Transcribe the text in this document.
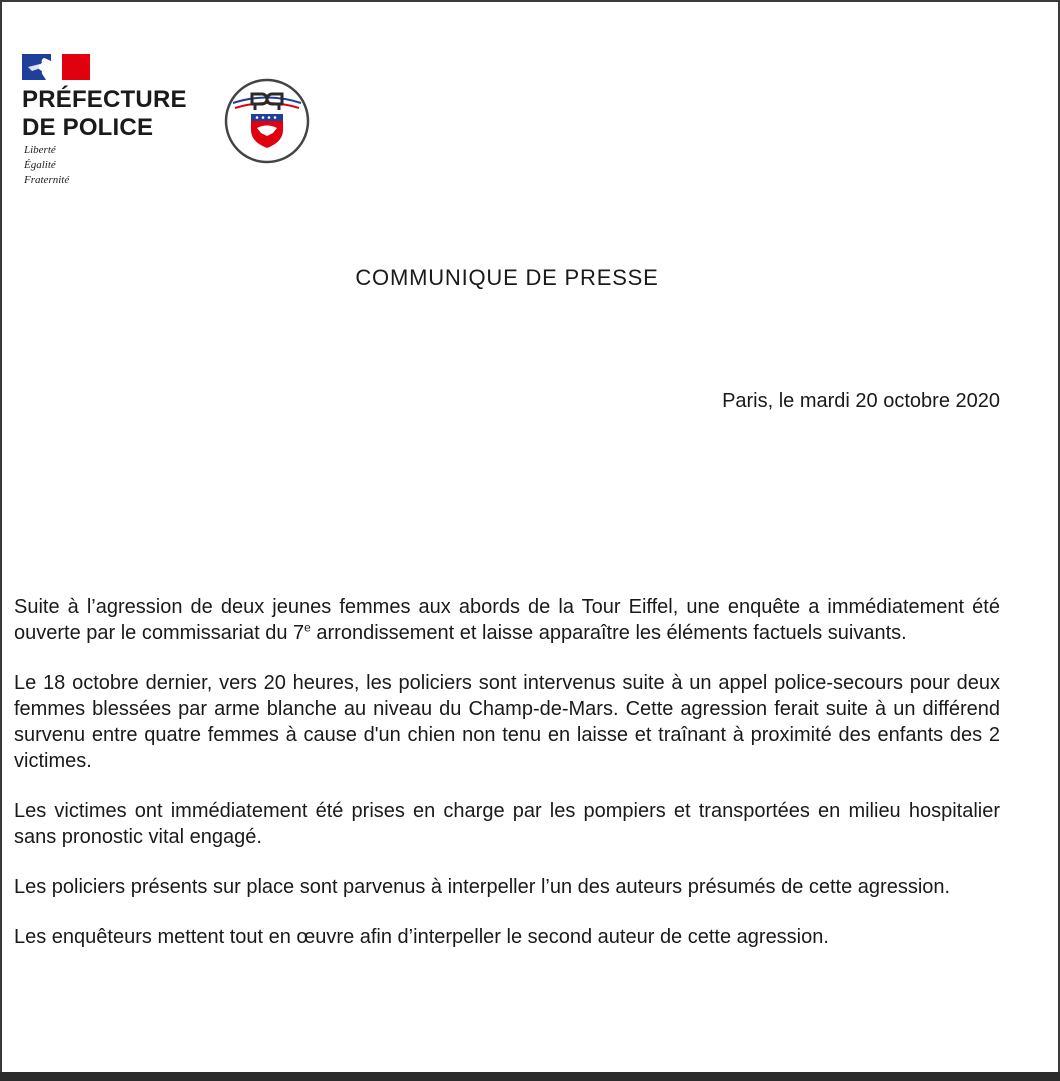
PRÉFECTURE
DE POLICE
Liberté
Égalité
Fraternité
COMMUNIQUE DE PRESSE
Paris, le mardi 20 octobre 2020

Suite à l’agression de deux jeunes femmes aux abords de la Tour Eiffel, une enquête a immédiatement été ouverte par le commissariat du 7e arrondissement et laisse apparaître les éléments factuels suivants.

Le 18 octobre dernier, vers 20 heures, les policiers sont intervenus suite à un appel police-secours pour deux femmes blessées par arme blanche au niveau du Champ-de-Mars. Cette agression ferait suite à un différend survenu entre quatre femmes à cause d'un chien non tenu en laisse et traînant à proximité des enfants des 2 victimes.

Les victimes ont immédiatement été prises en charge par les pompiers et transportées en milieu hospitalier sans pronostic vital engagé.

Les policiers présents sur place sont parvenus à interpeller l’un des auteurs présumés de cette agression.

Les enquêteurs mettent tout en œuvre afin d’interpeller le second auteur de cette agression.
